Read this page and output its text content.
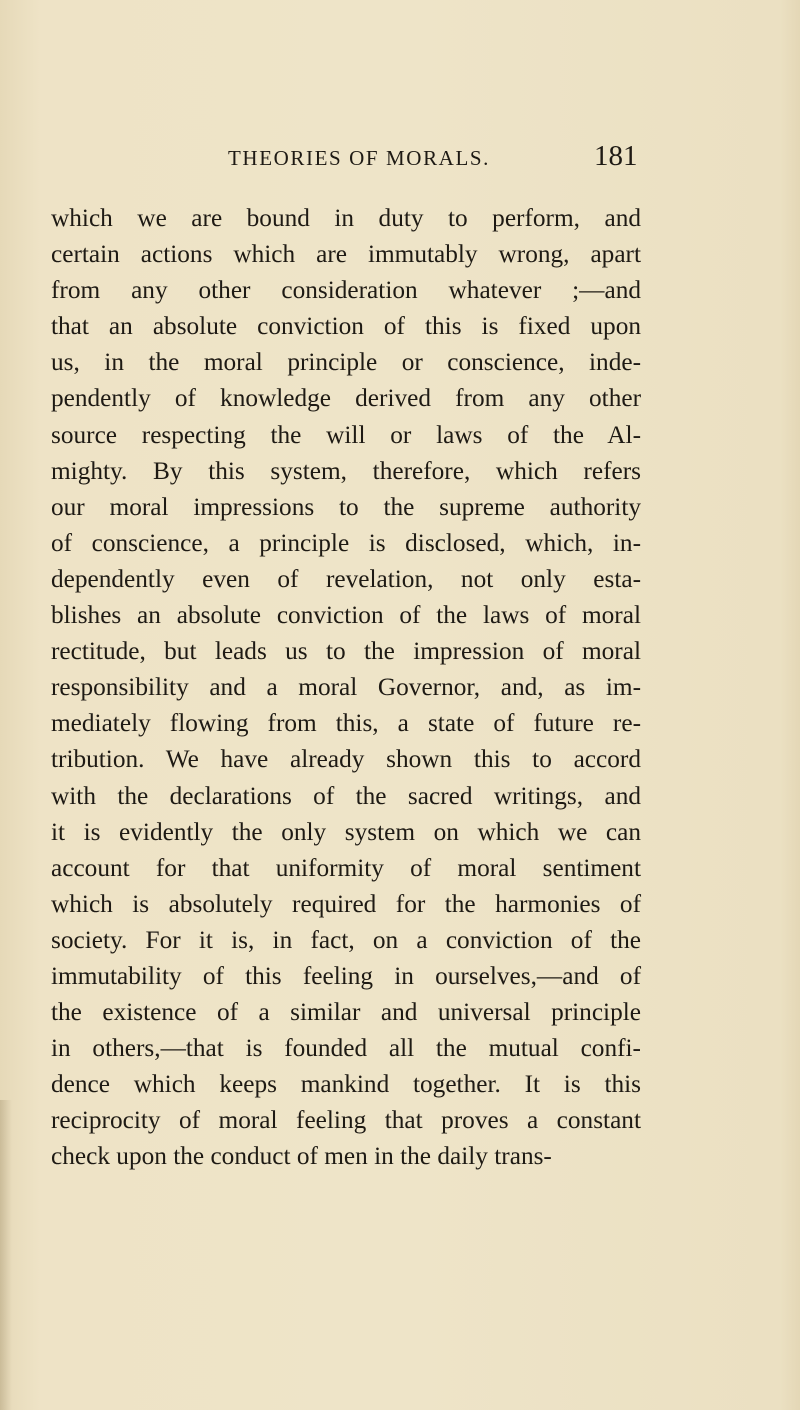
THEORIES OF MORALS.	181
which we are bound in duty to perform, and
certain actions which are immutably wrong, apart
from any other consideration whatever ;—and
that an absolute conviction of this is fixed upon
us, in the moral principle or conscience, inde-
pendently of knowledge derived from any other
source respecting the will or laws of the Al-
mighty. By this system, therefore, which refers
our moral impressions to the supreme authority
of conscience, a principle is disclosed, which, in-
dependently even of revelation, not only esta-
blishes an absolute conviction of the laws of moral
rectitude, but leads us to the impression of moral
responsibility and a moral Governor, and, as im-
mediately flowing from this, a state of future re-
tribution. We have already shown this to accord
with the declarations of the sacred writings, and
it is evidently the only system on which we can
account for that uniformity of moral sentiment
which is absolutely required for the harmonies of
society. For it is, in fact, on a conviction of the
immutability of this feeling in ourselves,—and of
the existence of a similar and universal principle
in others,—that is founded all the mutual confi-
dence which keeps mankind together. It is this
reciprocity of moral feeling that proves a constant
check upon the conduct of men in the daily trans-
